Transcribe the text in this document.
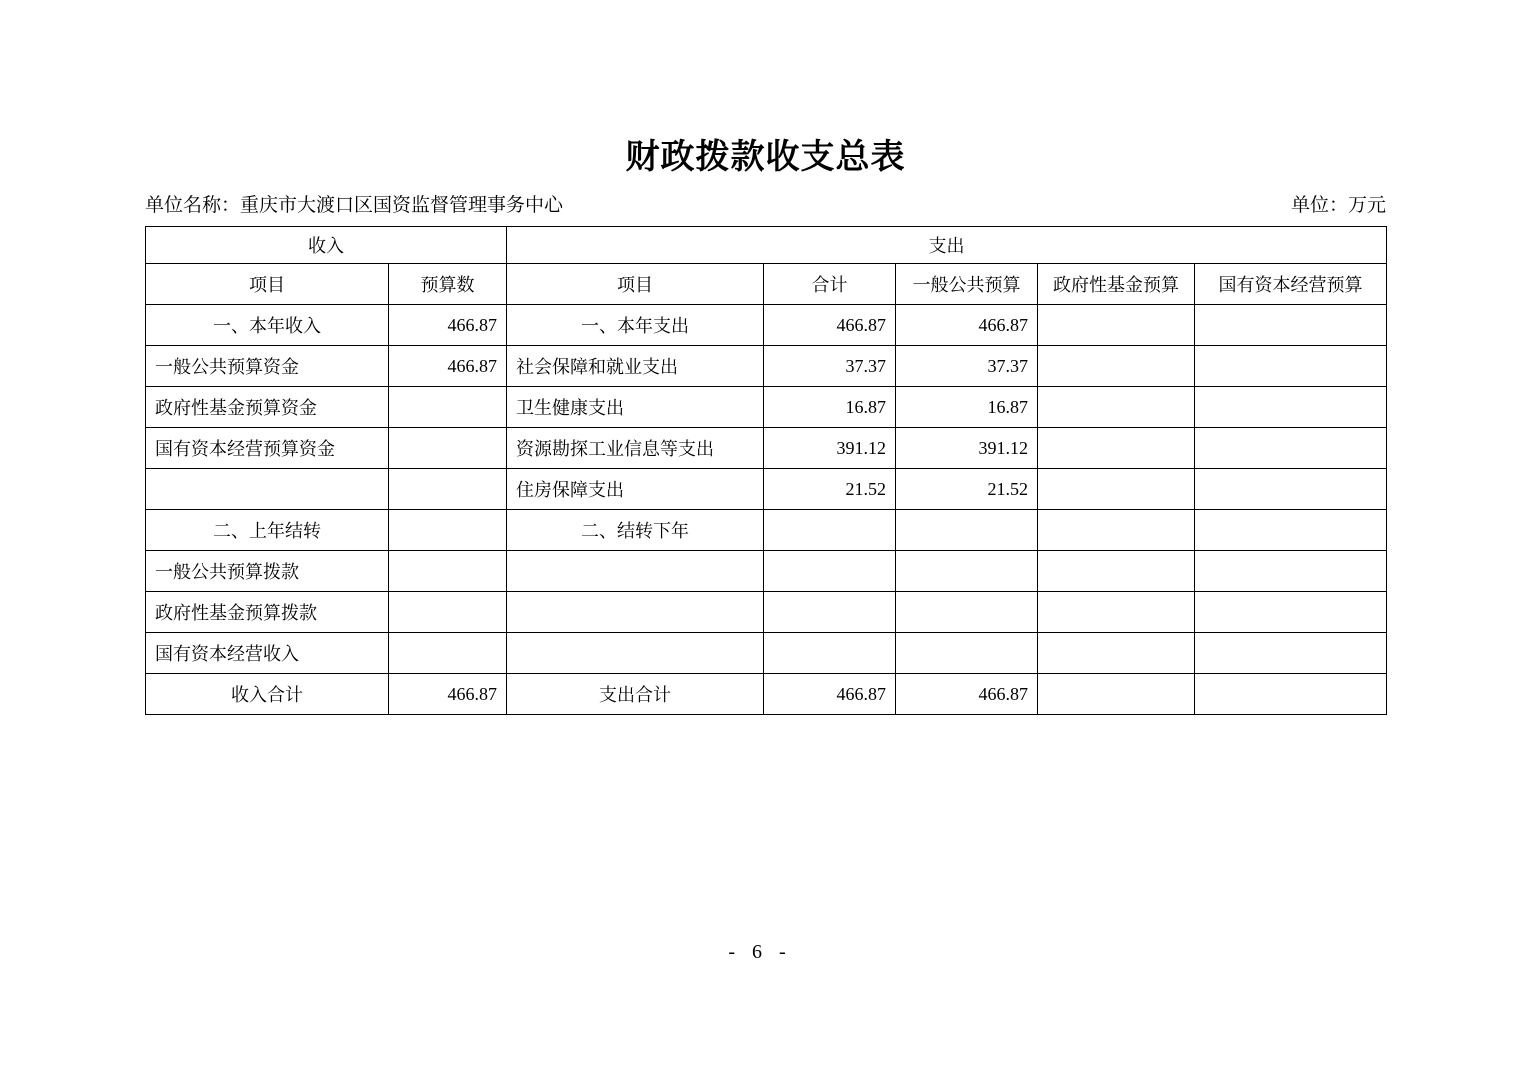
财政拨款收支总表
单位名称：重庆市大渡口区国资监督管理事务中心	单位：万元
收入		支出				
项目	预算数	项目	合计	一般公共预算	政府性基金预算	国有资本经营预算
一、本年收入	466.87	一、本年支出	466.87	466.87		
一般公共预算资金	466.87	社会保障和就业支出	37.37	37.37		
政府性基金预算资金		卫生健康支出	16.87	16.87		
国有资本经营预算资金		资源勘探工业信息等支出	391.12	391.12		
		住房保障支出	21.52	21.52		
二、上年结转		二、结转下年				
一般公共预算拨款						
政府性基金预算拨款						
国有资本经营收入						
收入合计	466.87	支出合计	466.87	466.87		
- 6 -
